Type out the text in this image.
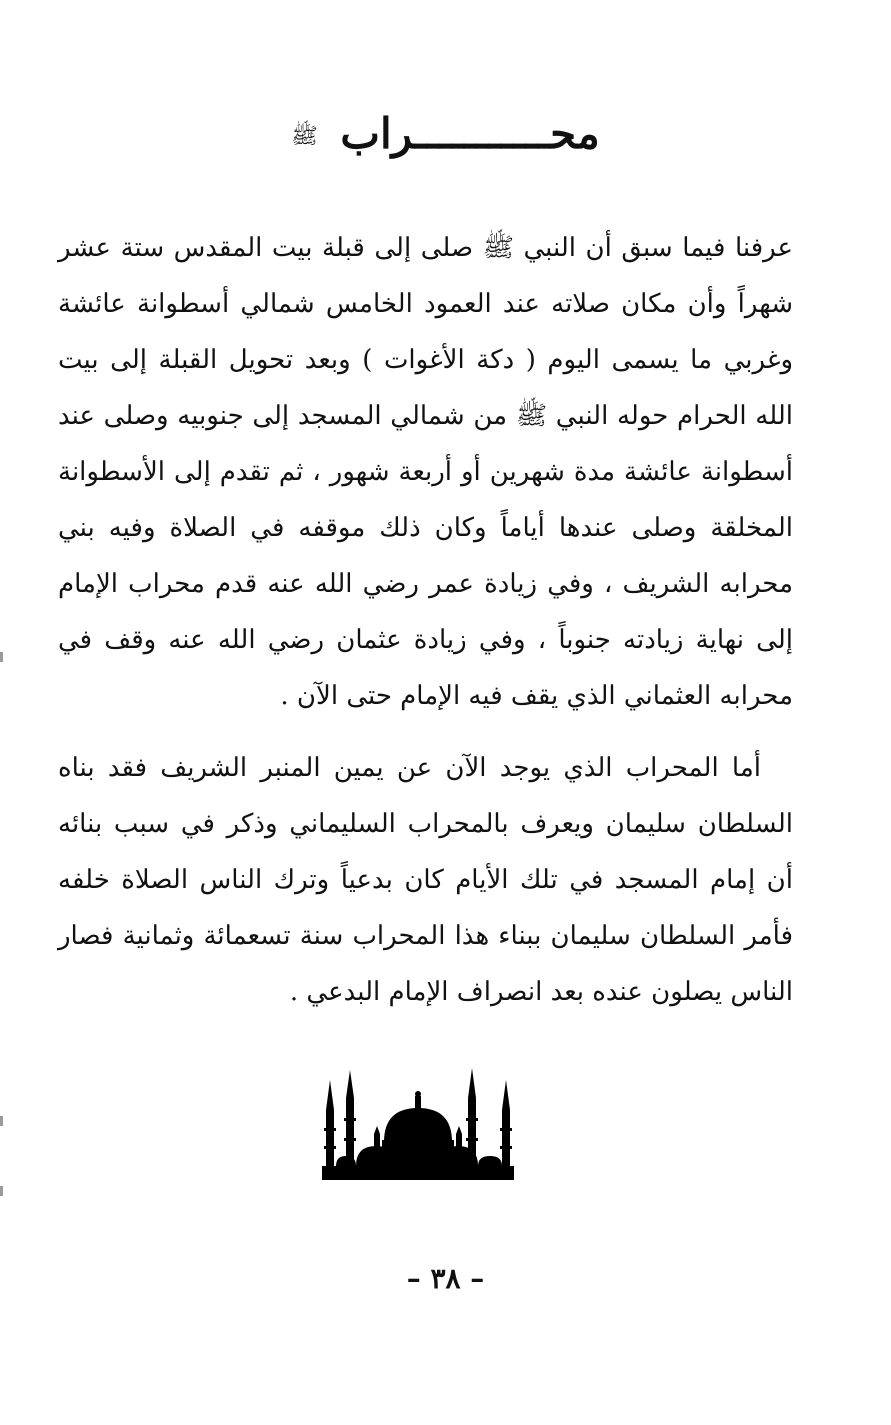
محـــــــــــراب ﷺ

عرفنا فيما سبق أن النبي ﷺ صلى إلى قبلة بيت المقدس ستة عشر شهراً وأن مكان صلاته عند العمود الخامس شمالي أسطوانة عائشة وغربي ما يسمى اليوم ( دكة الأغوات ) وبعد تحويل القبلة إلى بيت الله الحرام حوله النبي ﷺ من شمالي المسجد إلى جنوبيه وصلى عند أسطوانة عائشة مدة شهرين أو أربعة شهور ، ثم تقدم إلى الأسطوانة المخلقة وصلى عندها أياماً وكان ذلك موقفه في الصلاة وفيه بني محرابه الشريف ، وفي زيادة عمر رضي الله عنه قدم محراب الإمام إلى نهاية زيادته جنوباً ، وفي زيادة عثمان رضي الله عنه وقف في محرابه العثماني الذي يقف فيه الإمام حتى الآن .

أما المحراب الذي يوجد الآن عن يمين المنبر الشريف فقد بناه السلطان سليمان ويعرف بالمحراب السليماني وذكر في سبب بنائه أن إمام المسجد في تلك الأيام كان بدعياً وترك الناس الصلاة خلفه فأمر السلطان سليمان ببناء هذا المحراب سنة تسعمائة وثمانية فصار الناس يصلون عنده بعد انصراف الإمام البدعي .

– ٣٨ –
